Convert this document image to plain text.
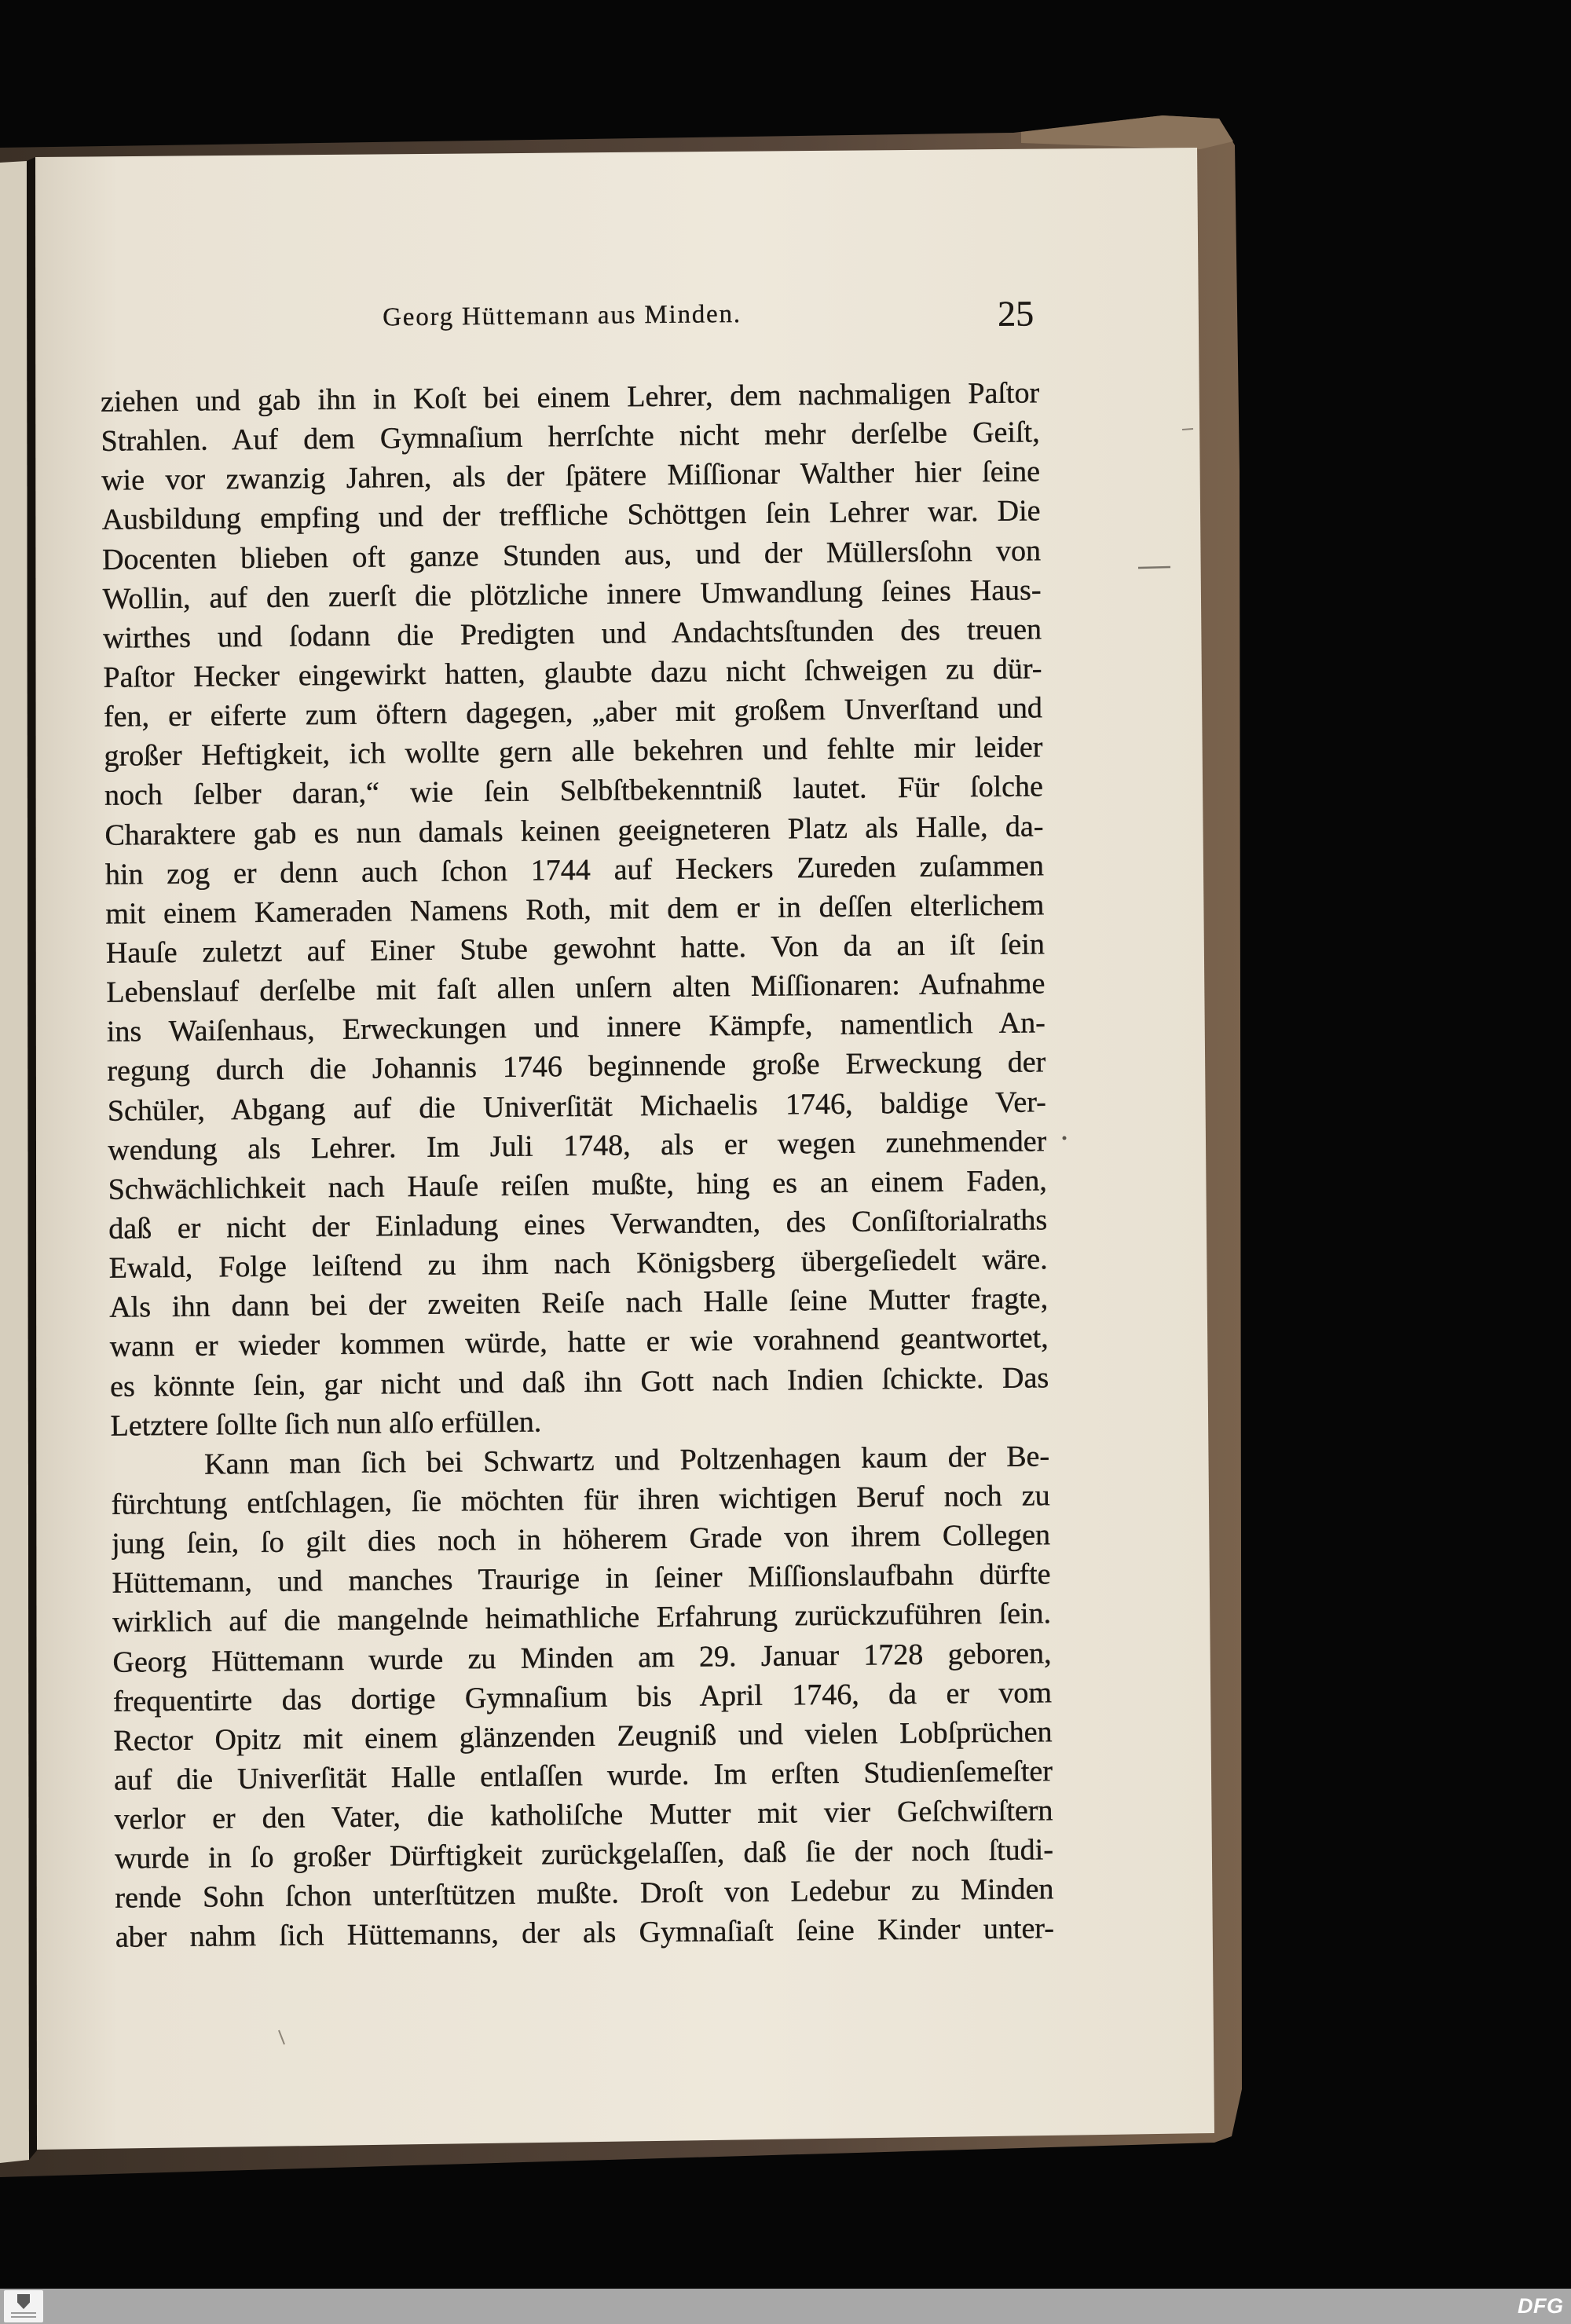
Georg Hüttemann aus Minden.	25
ziehen und gab ihn in Koſt bei einem Lehrer, dem nachmaligen Paſtor
Strahlen. Auf dem Gymnaſium herrſchte nicht mehr derſelbe Geiſt,
wie vor zwanzig Jahren, als der ſpätere Miſſionar Walther hier ſeine
Ausbildung empfing und der treffliche Schöttgen ſein Lehrer war. Die
Docenten blieben oft ganze Stunden aus, und der Müllersſohn von
Wollin, auf den zuerſt die plötzliche innere Umwandlung ſeines Haus-
wirthes und ſodann die Predigten und Andachtsſtunden des treuen
Paſtor Hecker eingewirkt hatten, glaubte dazu nicht ſchweigen zu dür-
fen, er eiferte zum öftern dagegen, „aber mit großem Unverſtand und
großer Heftigkeit, ich wollte gern alle bekehren und fehlte mir leider
noch ſelber daran,“ wie ſein Selbſtbekenntniß lautet. Für ſolche
Charaktere gab es nun damals keinen geeigneteren Platz als Halle, da-
hin zog er denn auch ſchon 1744 auf Heckers Zureden zuſammen
mit einem Kameraden Namens Roth, mit dem er in deſſen elterlichem
Hauſe zuletzt auf Einer Stube gewohnt hatte. Von da an iſt ſein
Lebenslauf derſelbe mit faſt allen unſern alten Miſſionaren: Aufnahme
ins Waiſenhaus, Erweckungen und innere Kämpfe, namentlich An-
regung durch die Johannis 1746 beginnende große Erweckung der
Schüler, Abgang auf die Univerſität Michaelis 1746, baldige Ver-
wendung als Lehrer. Im Juli 1748, als er wegen zunehmender
Schwächlichkeit nach Hauſe reiſen mußte, hing es an einem Faden,
daß er nicht der Einladung eines Verwandten, des Conſiſtorialraths
Ewald, Folge leiſtend zu ihm nach Königsberg übergeſiedelt wäre.
Als ihn dann bei der zweiten Reiſe nach Halle ſeine Mutter fragte,
wann er wieder kommen würde, hatte er wie vorahnend geantwortet,
es könnte ſein, gar nicht und daß ihn Gott nach Indien ſchickte. Das
Letztere ſollte ſich nun alſo erfüllen.
Kann man ſich bei Schwartz und Poltzenhagen kaum der Be-
fürchtung entſchlagen, ſie möchten für ihren wichtigen Beruf noch zu
jung ſein, ſo gilt dies noch in höherem Grade von ihrem Collegen
Hüttemann, und manches Traurige in ſeiner Miſſionslaufbahn dürfte
wirklich auf die mangelnde heimathliche Erfahrung zurückzuführen ſein.
Georg Hüttemann wurde zu Minden am 29. Januar 1728 geboren,
frequentirte das dortige Gymnaſium bis April 1746, da er vom
Rector Opitz mit einem glänzenden Zeugniß und vielen Lobſprüchen
auf die Univerſität Halle entlaſſen wurde. Im erſten Studienſemeſter
verlor er den Vater, die katholiſche Mutter mit vier Geſchwiſtern
wurde in ſo großer Dürftigkeit zurückgelaſſen, daß ſie der noch ſtudi-
rende Sohn ſchon unterſtützen mußte. Droſt von Ledebur zu Minden
aber nahm ſich Hüttemanns, der als Gymnaſiaſt ſeine Kinder unter-
DFG
